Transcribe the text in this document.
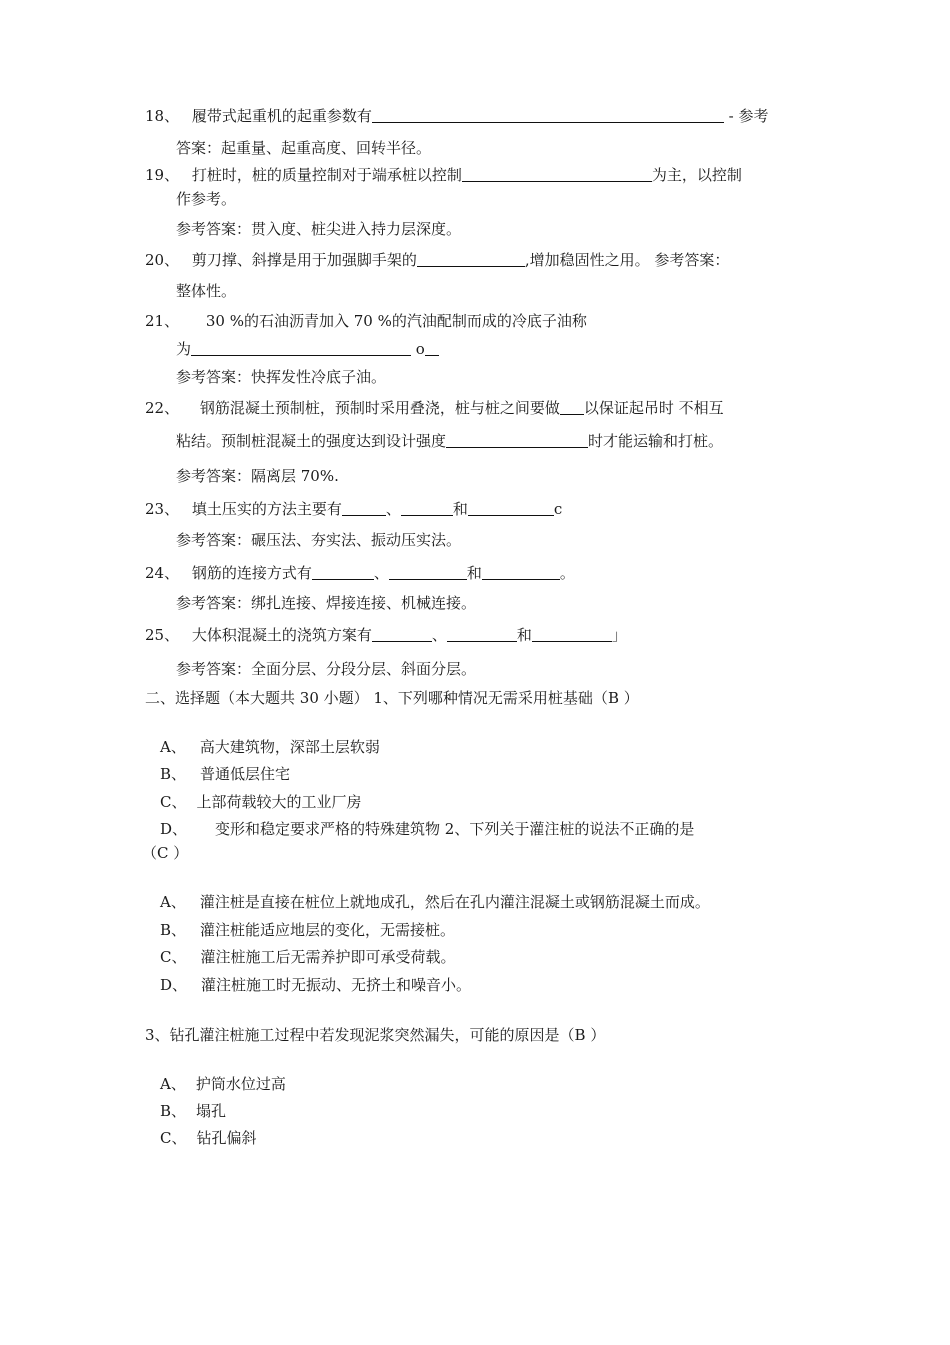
18、 履带式起重机的起重参数有	- 参考
答案：起重量、起重高度、回转半径。
19、 打桩时，桩的质量控制对于端承桩以控制	为主，以控制
作参考。
参考答案：贯入度、桩尖进入持力层深度。
20、 剪刀撑、斜撑是用于加强脚手架的	,增加稳固性之用。 参考答案：
整体性。
21、 30 %的石油沥青加入 70 %的汽油配制而成的冷底子油称
为	o
参考答案：快挥发性冷底子油。
22、 钢筋混凝土预制桩，预制时采用叠浇，桩与桩之间要做 以保证起吊时 不相互
粘结。预制桩混凝土的强度达到设计强度	时才能运输和打桩。
参考答案：隔离层 70%.
23、 填土压实的方法主要有	、	和	c
参考答案：碾压法、夯实法、振动压实法。
24、 钢筋的连接方式有	、	和	。
参考答案：绑扎连接、焊接连接、机械连接。
25、 大体积混凝土的浇筑方案有	、	和	」
参考答案：全面分层、分段分层、斜面分层。
二、选择题（本大题共 30 小题） 1、下列哪种情况无需采用桩基础（B ）
A、 高大建筑物，深部土层软弱
B、 普通低层住宅
C、 上部荷载较大的工业厂房
D、 变形和稳定要求严格的特殊建筑物 2、下列关于灌注桩的说法不正确的是
（C ）
A、 灌注桩是直接在桩位上就地成孔，然后在孔内灌注混凝土或钢筋混凝土而成。
B、 灌注桩能适应地层的变化，无需接桩。
C、 灌注桩施工后无需养护即可承受荷载。
D、 灌注桩施工时无振动、无挤土和噪音小。
3、钻孔灌注桩施工过程中若发现泥浆突然漏失，可能的原因是（B ）
A、 护筒水位过高
B、 塌孔
C、 钻孔偏斜
